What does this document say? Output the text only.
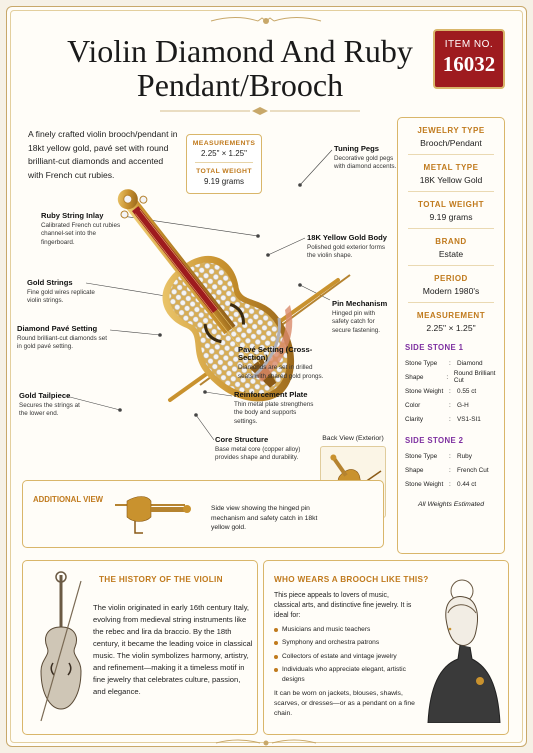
Violin Diamond And Ruby
Pendant/Brooch
ITEM NO.
16032
A finely crafted violin brooch/pendant in 18kt yellow gold, pavé set with round brilliant-cut diamonds and accented with French cut rubies.
MEASUREMENTS
2.25" × 1.25"
TOTAL WEIGHT
9.19 grams
Tuning Pegs
Decorative gold pegs with diamond accents.
Ruby String Inlay
Calibrated French cut rubies channel-set into the fingerboard.
18K Yellow Gold Body
Polished gold exterior forms the violin shape.
Gold Strings
Fine gold wires replicate violin strings.	Pin Mechanism
Hinged pin with safety catch for secure fastening.
Diamond Pavé Setting
Round brilliant-cut diamonds set in gold pavé setting.	Pavé Setting (Cross-Section)
Diamonds are set in drilled seats with shared gold prongs.
Gold Tailpiece
Secures the strings at the lower end.
Reinforcement Plate
Thin metal plate strengthens the body and supports settings.
Core Structure
Base metal core (copper alloy) provides shape and durability.
Back View (Exterior)
JEWELRY TYPE
Brooch/Pendant
METAL TYPE
18K Yellow Gold
TOTAL WEIGHT
9.19 grams
BRAND
Estate
PERIOD
Modern 1980's
MEASUREMENT
2.25" × 1.25"
SIDE STONE 1
Stone Type	: Diamond
Shape	: Round Brilliant Cut
Stone Weight : 0.55 ct
Color	: G-H
Clarity	: VS1-SI1
SIDE STONE 2
Stone Type	: Ruby
Shape	: French Cut
Stone Weight : 0.44 ct
All Weights Estimated
ADDITIONAL VIEW
Side view showing the hinged pin mechanism and safety catch in 18kt yellow gold.
THE HISTORY OF THE VIOLIN
The violin originated in early 16th century Italy, evolving from medieval string instruments like the rebec and lira da braccio. By the 18th century, it became the leading voice in classical music. The violin symbolizes harmony, artistry, and refinement—making it a timeless motif in fine jewelry that celebrates culture, passion, and elegance.
WHO WEARS A BROOCH LIKE THIS?
This piece appeals to lovers of music, classical arts, and distinctive fine jewelry. It is ideal for:
Musicians and music teachers
Symphony and orchestra patrons
Collectors of estate and vintage jewelry
Individuals who appreciate elegant, artistic designs
It can be worn on jackets, blouses, shawls, scarves, or dresses—or as a pendant on a fine chain.
